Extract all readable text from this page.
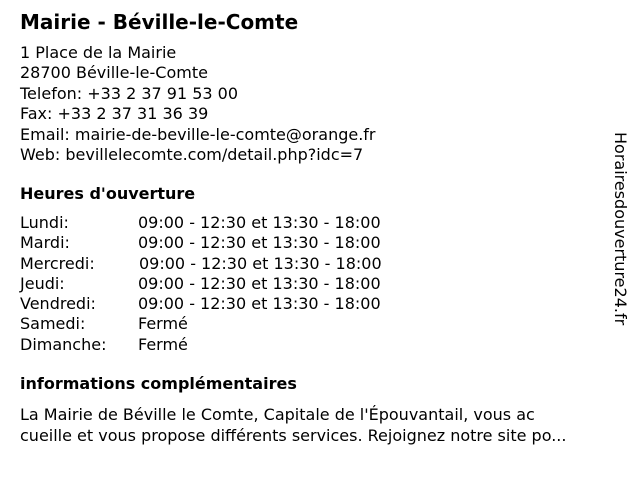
Mairie - Béville-le-Comte
1 Place de la Mairie
28700 Béville-le-Comte
Telefon: +33 2 37 91 53 00
Fax: +33 2 37 31 36 39
Email: mairie-de-beville-le-comte@orange.fr
Web: bevillelecomte.com/detail.php?idc=7
Heures d'ouverture
Lundi:	09:00 - 12:30 et 13:30 - 18:00
Mardi:	09:00 - 12:30 et 13:30 - 18:00
Mercredi:	09:00 - 12:30 et 13:30 - 18:00
Jeudi:	09:00 - 12:30 et 13:30 - 18:00
Vendredi:	09:00 - 12:30 et 13:30 - 18:00
Samedi:	Fermé
Dimanche: Fermé
informations complémentaires
La Mairie de Béville le Comte, Capitale de l'Épouvantail, vous ac
cueille et vous propose différents services. Rejoignez notre site po...
Horairesdouverture24.fr
